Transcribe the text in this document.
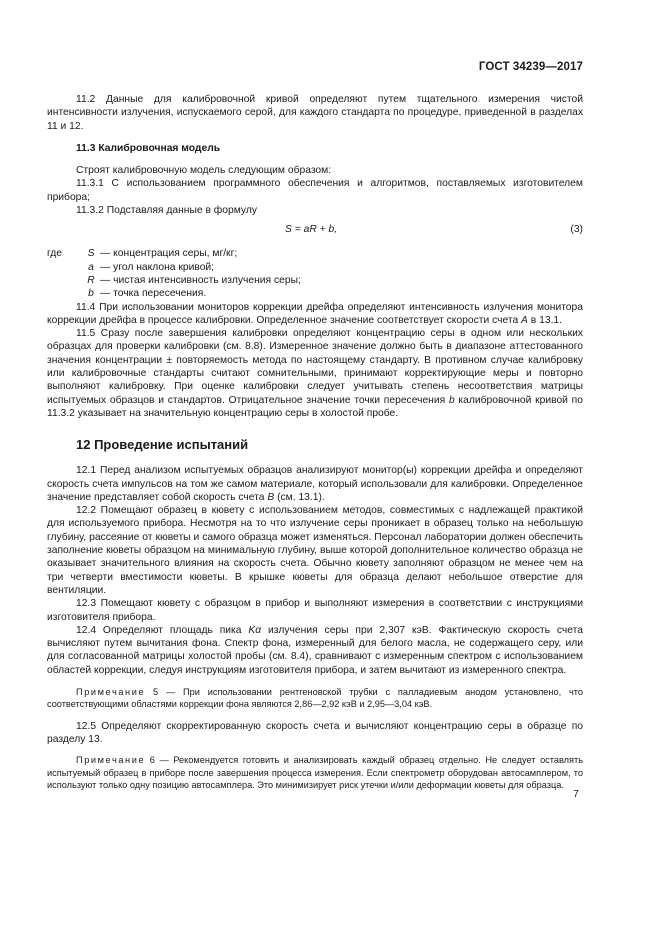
ГОСТ 34239—2017

11.2 Данные для калибровочной кривой определяют путем тщательного измерения чистой интенсивности излучения, испускаемого серой, для каждого стандарта по процедуре, приведенной в разделах 11 и 12.

11.3 Калибровочная модель

Строят калибровочную модель следующим образом:

11.3.1 С использованием программного обеспечения и алгоритмов, поставляемых изготовителем прибора;

11.3.2 Подставляя данные в формулу

S = aR + b,	(3)
где	S — концентрация серы, мг/кг;
a — угол наклона кривой;
R — чистая интенсивность излучения серы;
b — точка пересечения.

11.4 При использовании мониторов коррекции дрейфа определяют интенсивность излучения монитора коррекции дрейфа в процессе калибровки. Определенное значение соответствует скорости счета А в 13.1.

11.5 Сразу после завершения калибровки определяют концентрацию серы в одном или нескольких образцах для проверки калибровки (см. 8.8). Измеренное значение должно быть в диапазоне аттестованного значения концентрации ± повторяемость метода по настоящему стандарту. В противном случае калибровку или калибровочные стандарты считают сомнительными, принимают корректирующие меры и повторно выполняют калибровку. При оценке калибровки следует учитывать степень несоответствия матрицы испытуемых образцов и стандартов. Отрицательное значение точки пересечения b калибровочной кривой по 11.3.2 указывает на значительную концентрацию серы в холостой пробе.

12 Проведение испытаний

12.1 Перед анализом испытуемых образцов анализируют монитор(ы) коррекции дрейфа и определяют скорость счета импульсов на том же самом материале, который использовали для калибровки. Определенное значение представляет собой скорость счета В (см. 13.1).

12.2 Помещают образец в кювету с использованием методов, совместимых с надлежащей практикой для используемого прибора. Несмотря на то что излучение серы проникает в образец только на небольшую глубину, рассеяние от кюветы и самого образца может изменяться. Персонал лаборатории должен обеспечить заполнение кюветы образцом на минимальную глубину, выше которой дополнительное количество образца не оказывает значительного влияния на скорость счета. Обычно кювету заполняют образцом не менее чем на три четверти вместимости кюветы. В крышке кюветы для образца делают небольшое отверстие для вентиляции.

12.3 Помещают кювету с образцом в прибор и выполняют измерения в соответствии с инструкциями изготовителя прибора.

12.4 Определяют площадь пика Kα излучения серы при 2,307 кэВ. Фактическую скорость счета вычисляют путем вычитания фона. Спектр фона, измеренный для белого масла, не содержащего серу, или для согласованной матрицы холостой пробы (см. 8.4), сравнивают с измеренным спектром с использованием областей коррекции, следуя инструкциям изготовителя прибора, и затем вычитают из измеренного спектра.

Примечание 5 — При использовании рентгеновской трубки с палладиевым анодом установлено, что соответствующими областями коррекции фона являются 2,86—2,92 кэВ и 2,95—3,04 кэВ.

12.5 Определяют скорректированную скорость счета и вычисляют концентрацию серы в образце по разделу 13.

Примечание 6 — Рекомендуется готовить и анализировать каждый образец отдельно. Не следует оставлять испытуемый образец в приборе после завершения процесса измерения. Если спектрометр оборудован автосамплером, то используют только одну позицию автосамплера. Это минимизирует риск утечки и/или деформации кюветы для образца.

7
